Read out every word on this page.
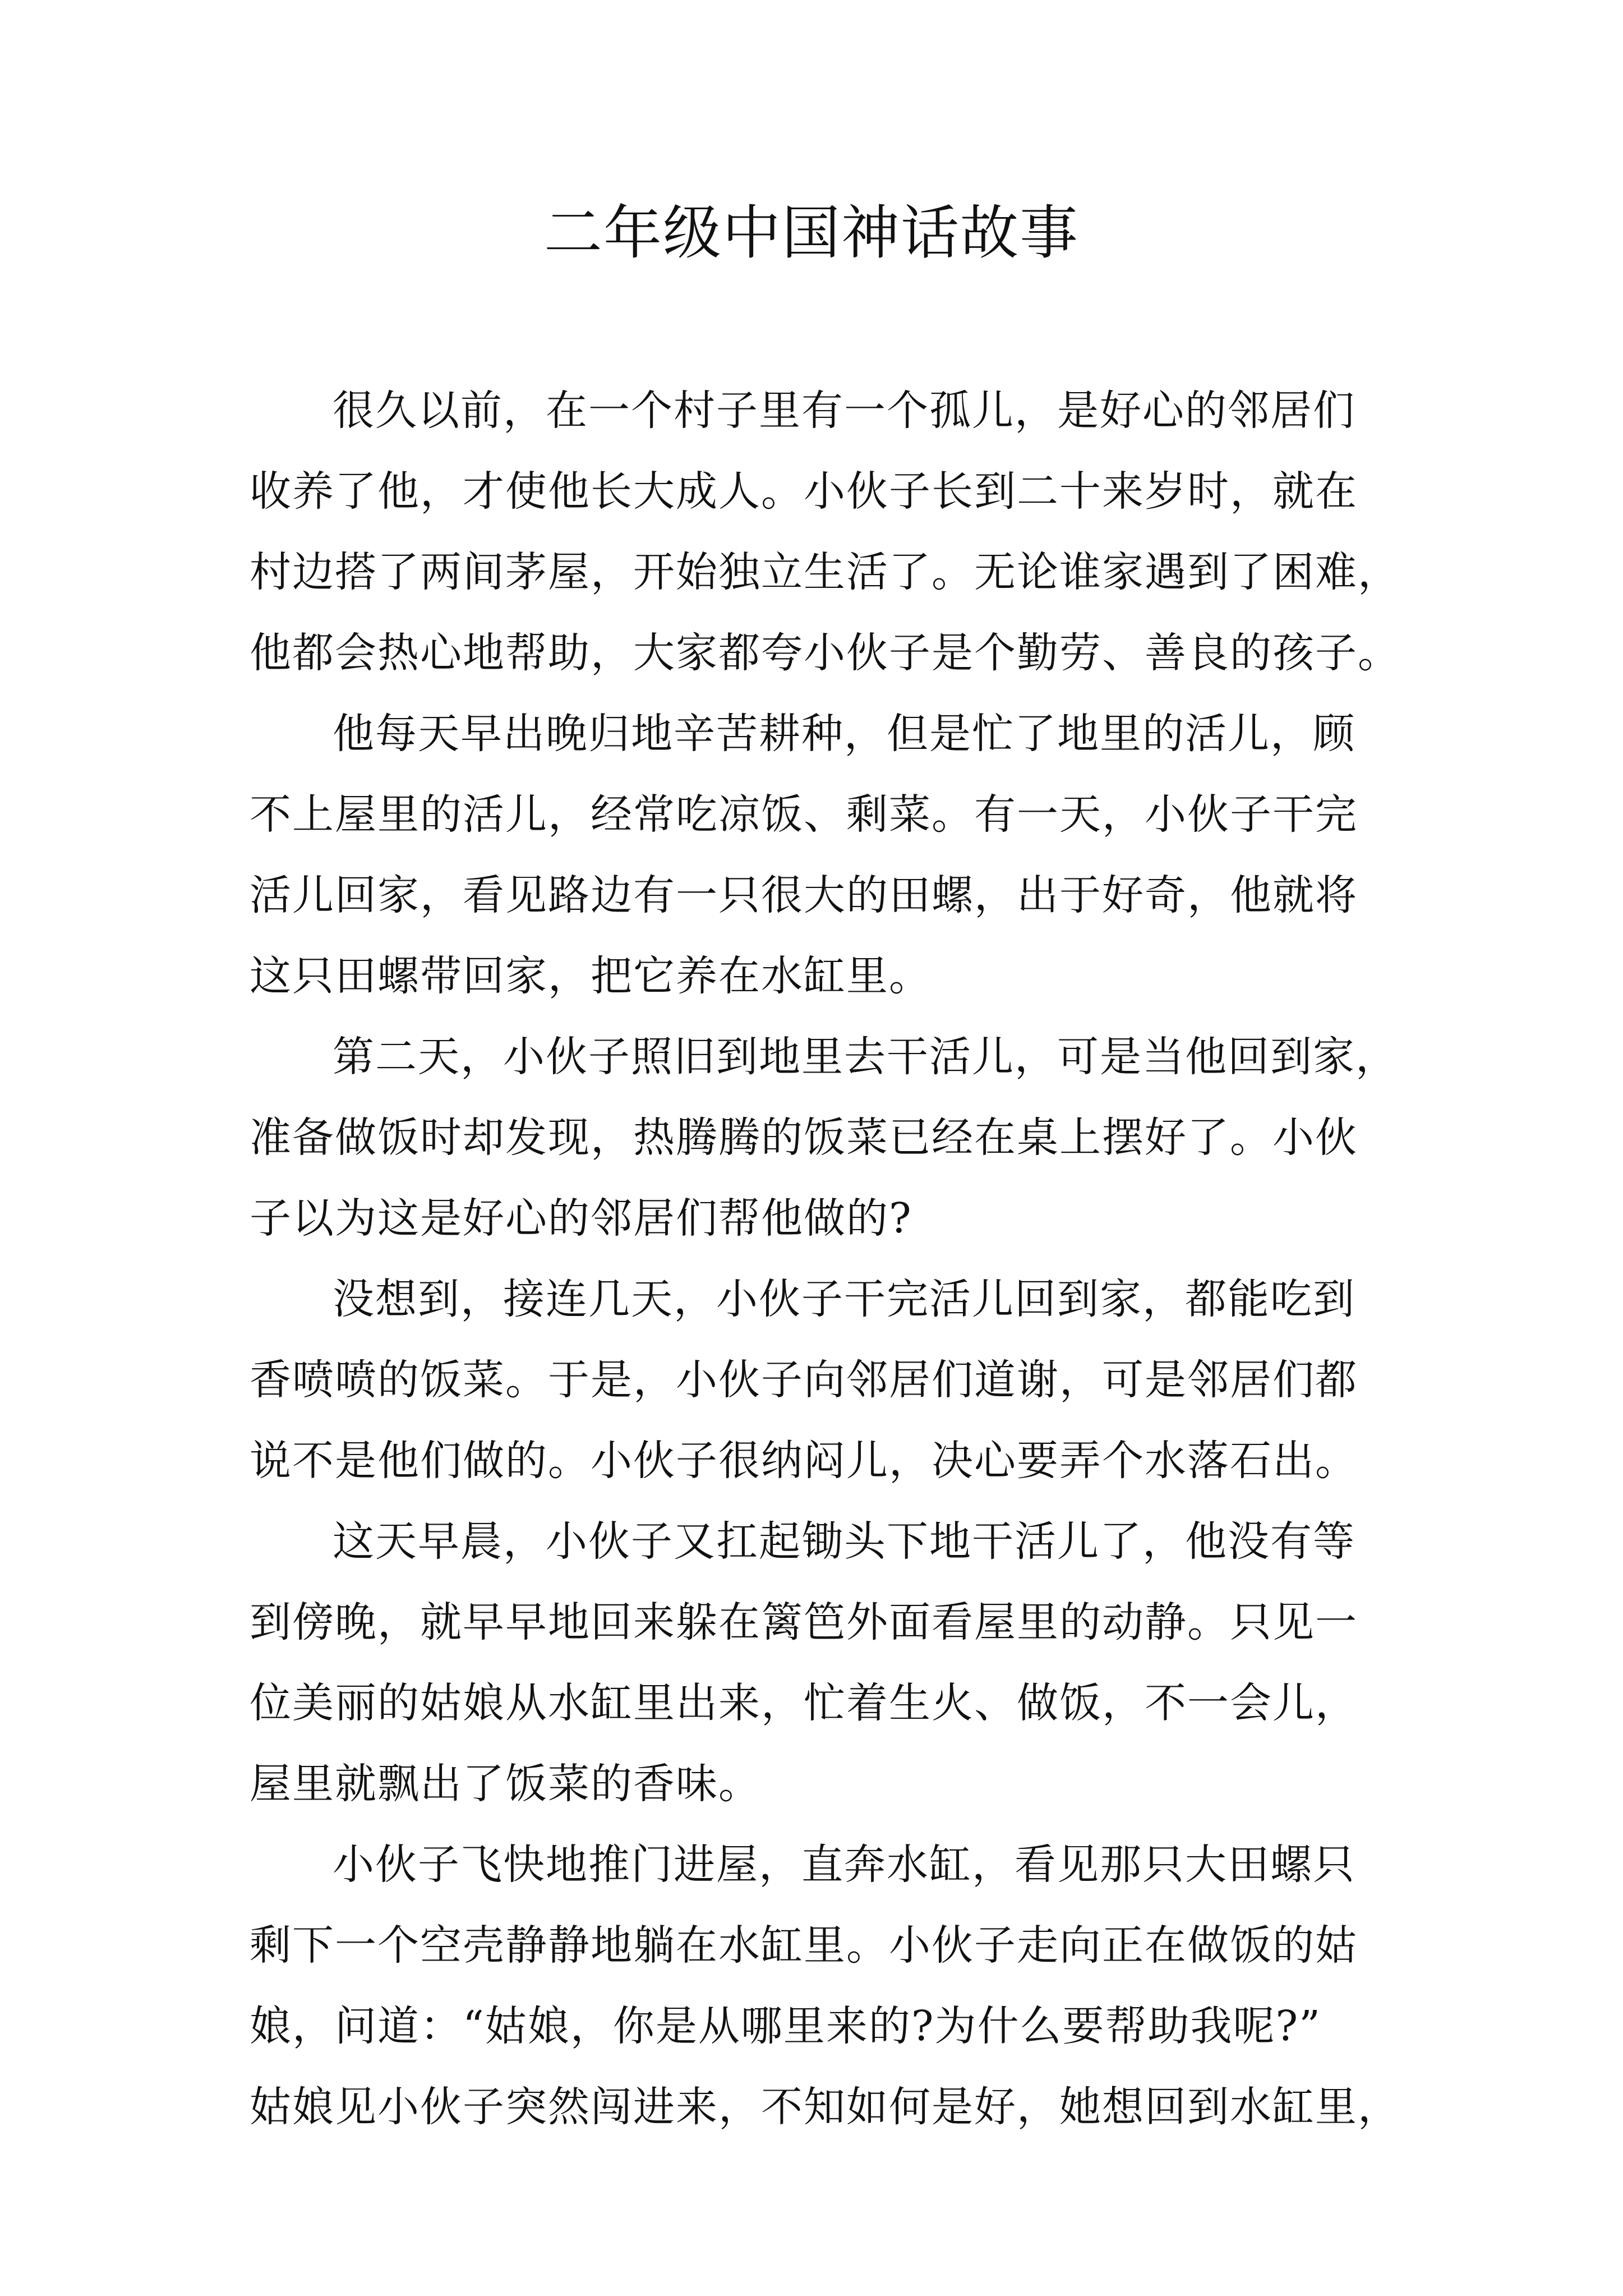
二年级中国神话故事

很久以前，在一个村子里有一个孤儿，是好心的邻居们
收养了他，才使他长大成人。小伙子长到二十来岁时，就在
村边搭了两间茅屋，开始独立生活了。无论谁家遇到了困难，
他都会热心地帮助，大家都夸小伙子是个勤劳、善良的孩子。

他每天早出晚归地辛苦耕种，但是忙了地里的活儿，顾
不上屋里的活儿，经常吃凉饭、剩菜。有一天，小伙子干完
活儿回家，看见路边有一只很大的田螺，出于好奇，他就将
这只田螺带回家，把它养在水缸里。

第二天，小伙子照旧到地里去干活儿，可是当他回到家，
准备做饭时却发现，热腾腾的饭菜已经在桌上摆好了。小伙
子以为这是好心的邻居们帮他做的?

没想到，接连几天，小伙子干完活儿回到家，都能吃到
香喷喷的饭菜。于是，小伙子向邻居们道谢，可是邻居们都
说不是他们做的。小伙子很纳闷儿，决心要弄个水落石出。

这天早晨，小伙子又扛起锄头下地干活儿了，他没有等
到傍晚，就早早地回来躲在篱笆外面看屋里的动静。只见一
位美丽的姑娘从水缸里出来，忙着生火、做饭，不一会儿，
屋里就飘出了饭菜的香味。

小伙子飞快地推门进屋，直奔水缸，看见那只大田螺只
剩下一个空壳静静地躺在水缸里。小伙子走向正在做饭的姑
娘，问道：“姑娘，你是从哪里来的?为什么要帮助我呢?”
姑娘见小伙子突然闯进来，不知如何是好，她想回到水缸里，
